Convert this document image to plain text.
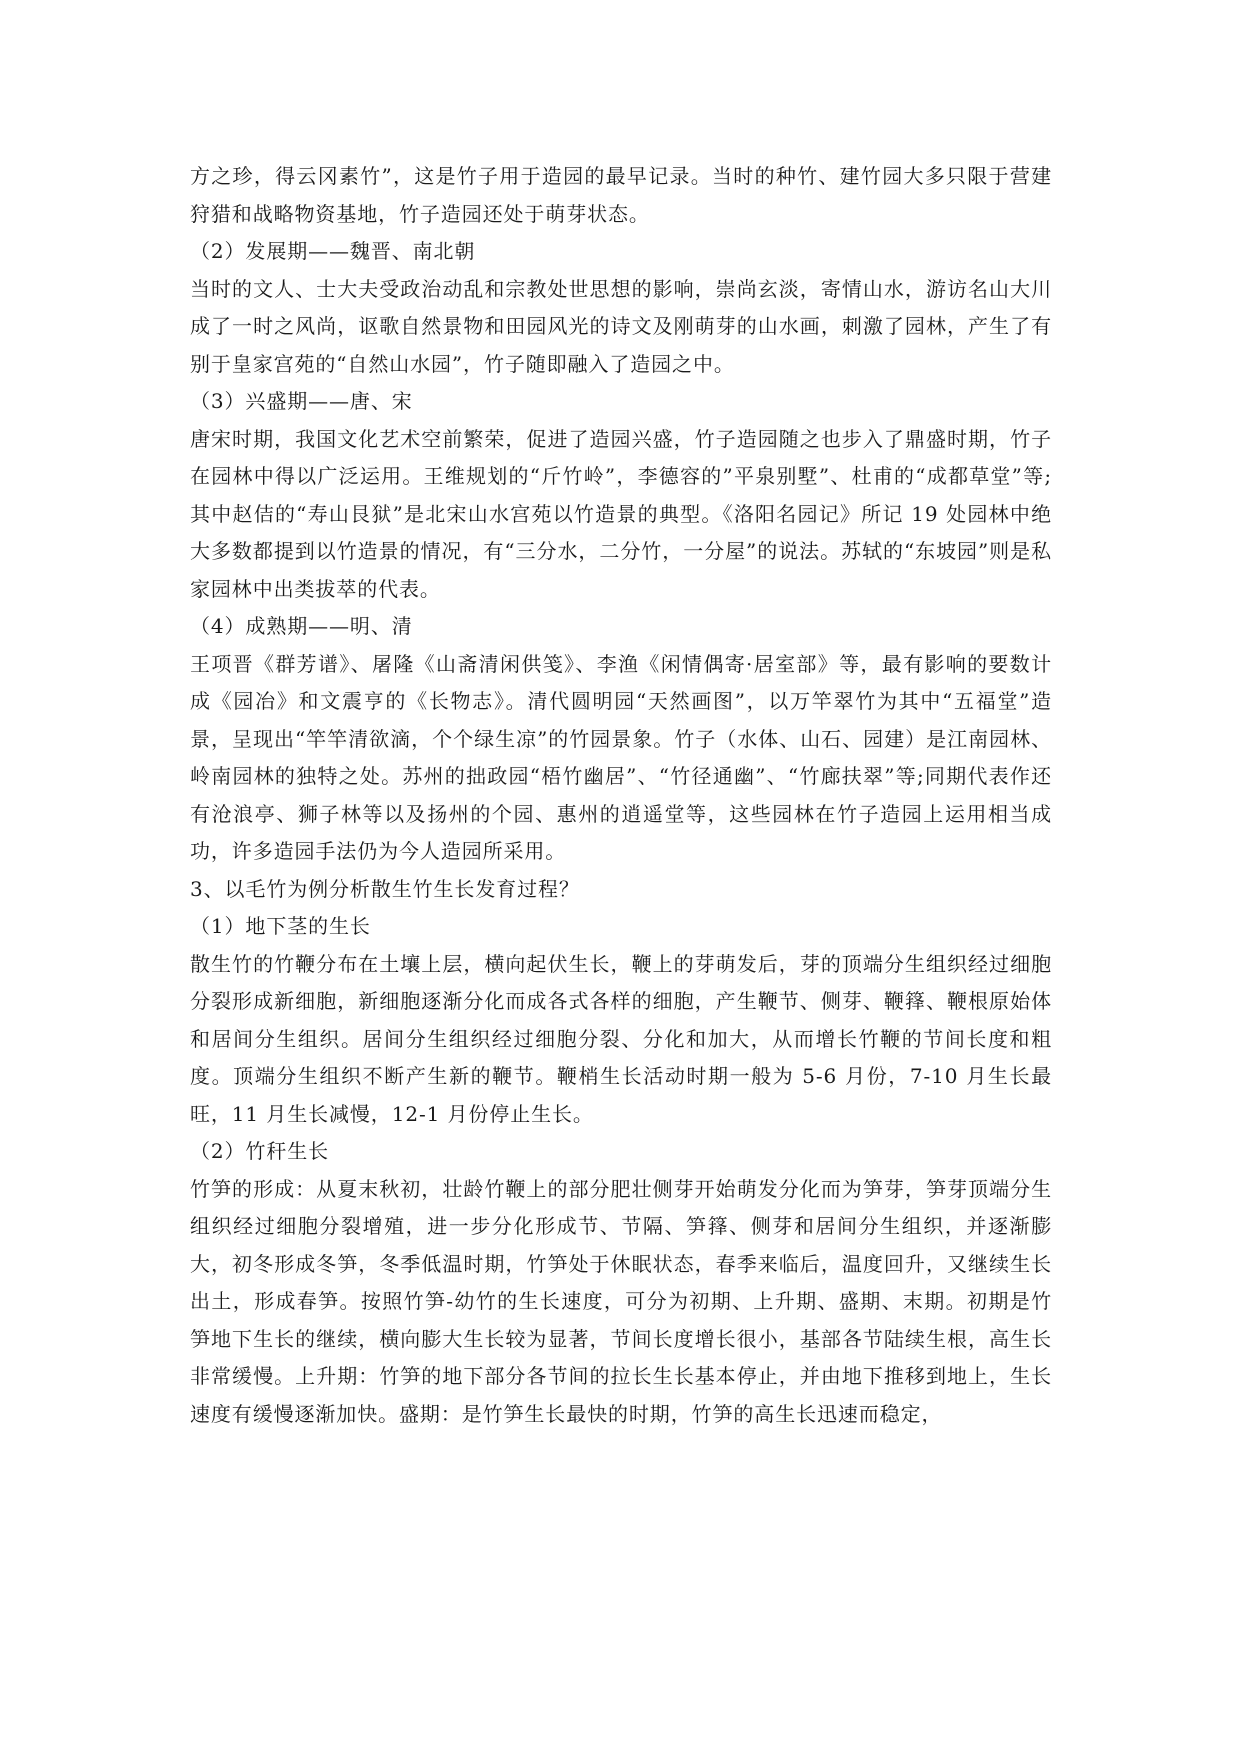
方之珍，得云冈素竹”，这是竹子用于造园的最早记录。当时的种竹、建竹园大多只限于营建狩猎和战略物资基地，竹子造园还处于萌芽状态。

（2）发展期——魏晋、南北朝

当时的文人、士大夫受政治动乱和宗教处世思想的影响，崇尚玄淡，寄情山水，游访名山大川成了一时之风尚，讴歌自然景物和田园风光的诗文及刚萌芽的山水画，刺激了园林，产生了有别于皇家宫苑的“自然山水园”，竹子随即融入了造园之中。

（3）兴盛期——唐、宋

唐宋时期，我国文化艺术空前繁荣，促进了造园兴盛，竹子造园随之也步入了鼎盛时期，竹子在园林中得以广泛运用。王维规划的“斤竹岭”，李德容的”平泉别墅”、杜甫的“成都草堂”等;其中赵佶的“寿山艮狱”是北宋山水宫苑以竹造景的典型。《洛阳名园记》所记 19 处园林中绝大多数都提到以竹造景的情况，有“三分水，二分竹，一分屋”的说法。苏轼的“东坡园”则是私家园林中出类拔萃的代表。

（4）成熟期——明、清

王项晋《群芳谱》、屠隆《山斋清闲供笺》、李渔《闲情偶寄·居室部》等，最有影响的要数计成《园冶》和文震亨的《长物志》。清代圆明园“天然画图”，以万竿翠竹为其中“五福堂”造景，呈现出“竿竿清欲滴，个个绿生凉”的竹园景象。竹子（水体、山石、园建）是江南园林、岭南园林的独特之处。苏州的拙政园“梧竹幽居”、“竹径通幽”、“竹廊扶翠”等;同期代表作还有沧浪亭、狮子林等以及扬州的个园、惠州的逍遥堂等，这些园林在竹子造园上运用相当成功，许多造园手法仍为今人造园所采用。

3、以毛竹为例分析散生竹生长发育过程？

（1）地下茎的生长

散生竹的竹鞭分布在土壤上层，横向起伏生长，鞭上的芽萌发后，芽的顶端分生组织经过细胞分裂形成新细胞，新细胞逐渐分化而成各式各样的细胞，产生鞭节、侧芽、鞭箨、鞭根原始体和居间分生组织。居间分生组织经过细胞分裂、分化和加大，从而增长竹鞭的节间长度和粗度。顶端分生组织不断产生新的鞭节。鞭梢生长活动时期一般为 5-6 月份，7-10 月生长最旺，11 月生长减慢，12-1 月份停止生长。

（2）竹秆生长

竹笋的形成：从夏末秋初，壮龄竹鞭上的部分肥壮侧芽开始萌发分化而为笋芽，笋芽顶端分生组织经过细胞分裂增殖，进一步分化形成节、节隔、笋箨、侧芽和居间分生组织，并逐渐膨大，初冬形成冬笋，冬季低温时期，竹笋处于休眠状态，春季来临后，温度回升，又继续生长出土，形成春笋。按照竹笋-幼竹的生长速度，可分为初期、上升期、盛期、末期。初期是竹笋地下生长的继续，横向膨大生长较为显著，节间长度增长很小，基部各节陆续生根，高生长非常缓慢。上升期：竹笋的地下部分各节间的拉长生长基本停止，并由地下推移到地上，生长速度有缓慢逐渐加快。盛期：是竹笋生长最快的时期，竹笋的高生长迅速而稳定，
